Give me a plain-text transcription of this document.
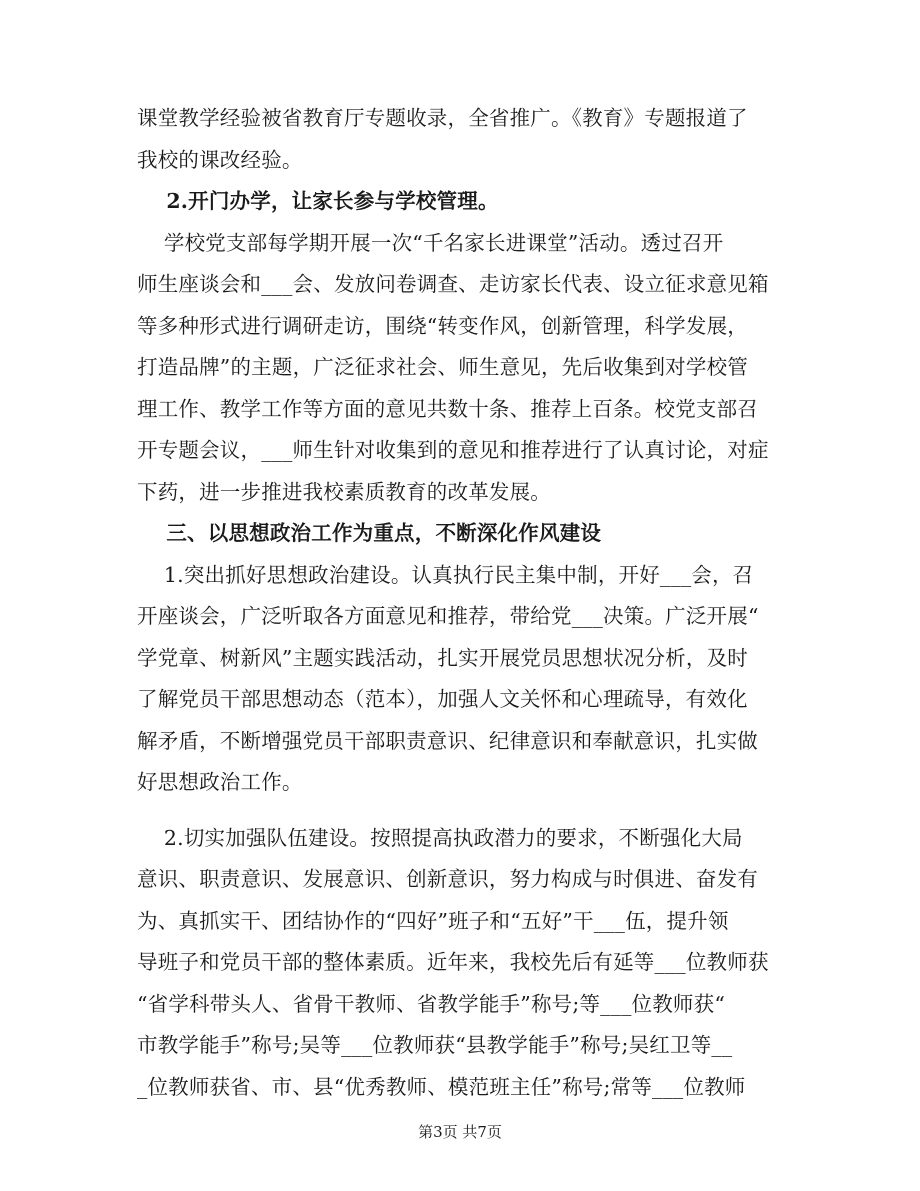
课堂教学经验被省教育厅专题收录，全省推广。《教育》专题报道了
我校的课改经验。
2.开门办学，让家长参与学校管理。
学校党支部每学期开展一次“千名家长进课堂”活动。透过召开
师生座谈会和___会、发放问卷调查、走访家长代表、设立征求意见箱
等多种形式进行调研走访，围绕“转变作风，创新管理，科学发展，
打造品牌”的主题，广泛征求社会、师生意见，先后收集到对学校管
理工作、教学工作等方面的意见共数十条、推荐上百条。校党支部召
开专题会议，___师生针对收集到的意见和推荐进行了认真讨论，对症
下药，进一步推进我校素质教育的改革发展。
三、以思想政治工作为重点，不断深化作风建设
1.突出抓好思想政治建设。认真执行民主集中制，开好___会，召
开座谈会，广泛听取各方面意见和推荐，带给党___决策。广泛开展“
学党章、树新风”主题实践活动，扎实开展党员思想状况分析，及时
了解党员干部思想动态（范本），加强人文关怀和心理疏导，有效化
解矛盾，不断增强党员干部职责意识、纪律意识和奉献意识，扎实做
好思想政治工作。
2.切实加强队伍建设。按照提高执政潜力的要求，不断强化大局
意识、职责意识、发展意识、创新意识，努力构成与时俱进、奋发有
为、真抓实干、团结协作的“四好”班子和“五好”干___伍，提升领
导班子和党员干部的整体素质。近年来，我校先后有延等___位教师获
“省学科带头人、省骨干教师、省教学能手”称号;等___位教师获“
市教学能手”称号;吴等___位教师获“县教学能手”称号;吴红卫等__
_位教师获省、市、县“优秀教师、模范班主任”称号;常等___位教师
第3页 共7页
